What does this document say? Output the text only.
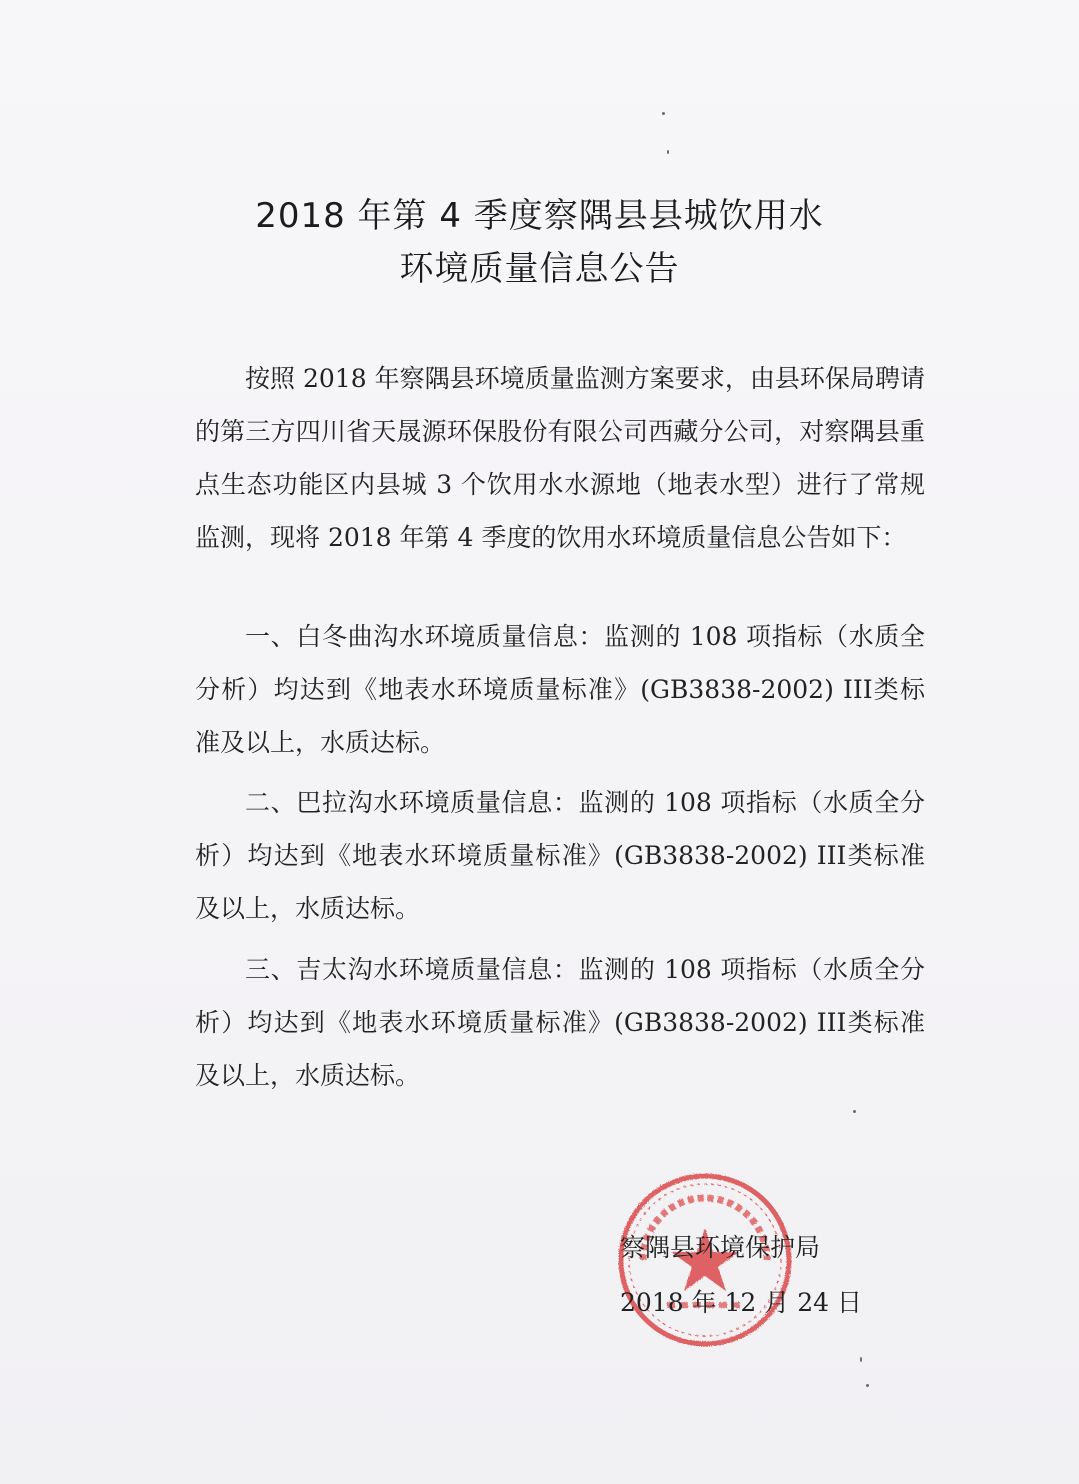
2018 年第 4 季度察隅县县城饮用水
环境质量信息公告

按照 2018 年察隅县环境质量监测方案要求，由县环保局聘请的第三方四川省天晟源环保股份有限公司西藏分公司，对察隅县重点生态功能区内县城 3 个饮用水水源地（地表水型）进行了常规监测，现将 2018 年第 4 季度的饮用水环境质量信息公告如下：

一、白冬曲沟水环境质量信息：监测的 108 项指标（水质全分析）均达到《地表水环境质量标准》(GB3838-2002) III类标准及以上，水质达标。

二、巴拉沟水环境质量信息：监测的 108 项指标（水质全分析）均达到《地表水环境质量标准》(GB3838-2002) III类标准及以上，水质达标。

三、吉太沟水环境质量信息：监测的 108 项指标（水质全分析）均达到《地表水环境质量标准》(GB3838-2002) III类标准及以上，水质达标。

察隅县环境保护局
2018 年 12 月 24 日
